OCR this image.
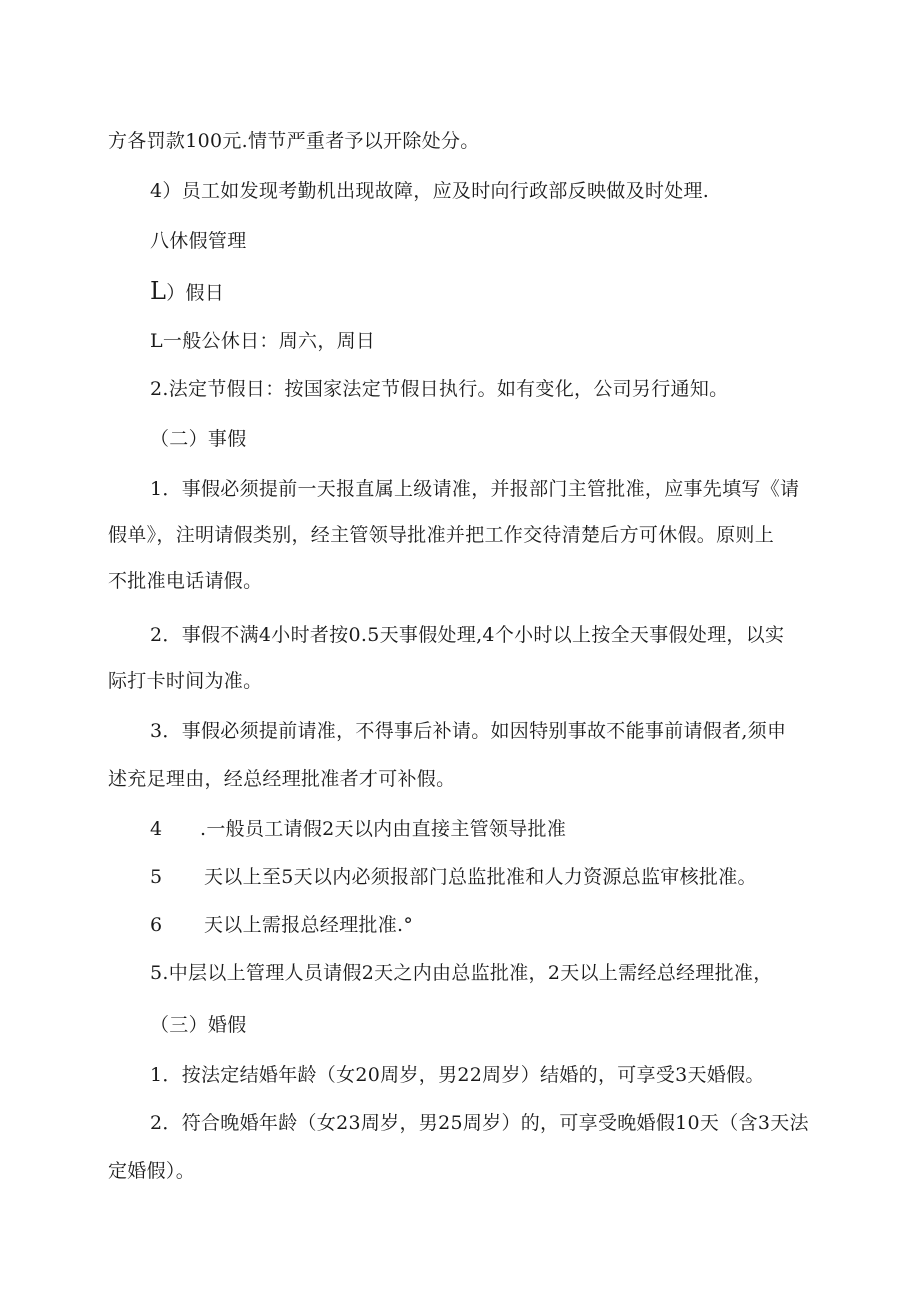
方各罚款100元.情节严重者予以开除处分。
4）员工如发现考勤机出现故障，应及时向行政部反映做及时处理.
八休假管理
L）假日
L一般公休日：周六，周日
2.法定节假日：按国家法定节假日执行。如有变化，公司另行通知。
（二）事假
1．事假必须提前一天报直属上级请准，并报部门主管批准，应事先填写《请
假单》，注明请假类别，经主管领导批准并把工作交待清楚后方可休假。原则上
不批准电话请假。
2．事假不满4小时者按0.5天事假处理,4个小时以上按全天事假处理，以实
际打卡时间为准。
3．事假必须提前请准，不得事后补请。如因特别事故不能事前请假者,须申
述充足理由，经总经理批准者才可补假。
4 .一般员工请假2天以内由直接主管领导批准
5 天以上至5天以内必须报部门总监批准和人力资源总监审核批准。
6 天以上需报总经理批准.°
5.中层以上管理人员请假2天之内由总监批准，2天以上需经总经理批准，
（三）婚假
1．按法定结婚年龄（女20周岁，男22周岁）结婚的，可享受3天婚假。
2．符合晚婚年龄（女23周岁，男25周岁）的，可享受晚婚假10天（含3天法
定婚假）。
